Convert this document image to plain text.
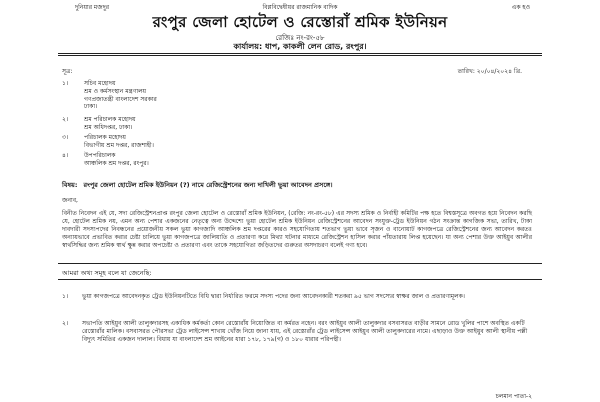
দুনিয়ার মজদুর	বিপ্লবিদ্বেষীয়র রাজমানিক বাদিক	এক হও
রংপুর জেলা হোটেল ও রেস্তোরাঁ শ্রমিক ইউনিয়ন
রেজিঃ নং-রং-৫৮
কার্যালয়: ধাপ, কাকলী লেন রোড, রংপুর।
সূত্র:	তারিখ: ২০/০৪/২০২৪ খ্রি.
১।	সচিব মহোদয়
শ্রম ও কর্মসংস্থান মন্ত্রণালয়
গণপ্রজাতন্ত্রী বাংলাদেশ সরকার
ঢাকা।
২।	শ্রম পরিচালক মহোদয়
শ্রম অধিদপ্তর, ঢাকা।
৩।	পরিচালক মহোদয়
বিভাগীয় শ্রম দপ্তর, রাজশাহী।
৪।	উপপরিচালক
আঞ্চলিক শ্রম দপ্তর, রংপুর।
বিষয়: রংপুর জেলা হোটেল শ্রমিক ইউনিয়ন (?) নামে রেজিস্ট্রেশনের জন্য দাখিলী ভুয়া আবেদন প্রসঙ্গে।
জনাব,
বিনীত নিবেদন এই যে, সদ্য রেজিস্ট্রেশনপ্রাপ্ত রংপুর জেলা হোটেল ও রেস্তোরাঁ শ্রমিক ইউনিয়ন, (রেজি: নং-রং-৫৮) এর সদস্য শ্রমিক ও নির্বাহী কমিটির পক্ষ হতে বিশ্বস্তসূত্রে অবগত হয়ে নিবেদন করছি যে, হোটেল শ্রমিক নয়, এমন অন্য পেশার একজনের নেতৃত্বে অন্য উদ্দেশ্যে ভুয়া হোটেল শ্রমিক ইউনিয়ন রেজিস্ট্রেশনের আবেদন সংযুক্ত-ট্রেড ইউনিয়ন গঠন সংক্রান্ত কাগজিক সভা, তারিখ, টাকা দাবদারী সদস্যপদের নিবন্ধনের প্রয়োজনীয় সকল ভুয়া কাগজাদি আঞ্চলিক শ্রম দপ্তরের কারও সহযোগিতায় শতভাগ ভুয়া ভাবে সৃজন ও বানোয়াট কাগজপত্রে রেজিস্ট্রেশনের জন্য আবেদন করতঃ অন্যায়ভাবে প্রভাবিত করার চেষ্টা চালিয়ে ভুয়া কাগজপত্রে জালিয়াতি ও প্রতারণা করে মিথ্যা ঘটনার মাধ্যমে রেজিস্ট্রেশন হাসিল করার পাঁয়তারায় লিপ্ত হয়েছেন। যা অন্য পেশার উক্ত আইয়ুব আলীর স্বার্থসিদ্ধির জন্য শ্রমিক স্বার্থ ক্ষুন্ন করার অপচেষ্টা ও প্রতারণা এবং তাকে সহযোগিতা জড়িতদের গুরুতর অসদাচরণ বলেই গণ্য হবে।
আমরা অথ্য সমূহ বলে যা জেনেছি:
১। ভুয়া কাগজপত্রে আবেদনকৃত ট্রেড ইউনিয়নটিতে বিধি দ্বারা নির্ধারিত ফরমে সদস্য পদের জন্য আবেদনকারী শতকরা ৯৫ ভাগ সদস্যের স্বাক্ষর জাল ও প্রতারণামূলক।
২। সভাপতি আইয়ুব আলী তালুকদারসহ একাধিক কর্মকর্তা কোন রেস্তোরাঁয় নিয়োজিত বা কর্মরত নহেন। বরং আইয়ুব আলী তালুকদার বসবাসরত বাড়ীর সামনে রোড খুলির পাশে অবস্থিত একটি রেস্তোরাঁর মালিক। বসবাসরত পৌরসভা ট্রেড লাইসেন্স শাখায় খোঁজ নিয়ে জানা যায়, এই রেস্তোরাঁর ট্রেড লাইসেন্স আইয়ুব আলী তালুকদারের নামে। এছাড়াও উক্ত আইয়ুব আলী স্থানীয় পল্লী বিদ্যুৎ সমিতির একজন দালাল। বিধায় যা বাংলাদেশ শ্রম আইনের ধারা ১৭৮, ১৭৯(গ) ও ১৮০ ধারার পরিপন্থী।
চলমান পাতা-২
